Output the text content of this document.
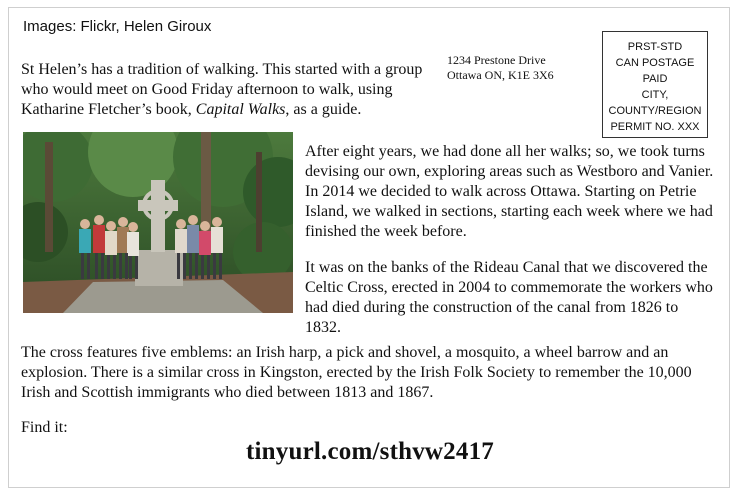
Images: Flickr, Helen Giroux

St Helen’s has a tradition of walking. This started with a group who would meet on Good Friday afternoon to walk, using Katharine Fletcher’s book, Capital Walks, as a guide.

1234 Prestone Drive
Ottawa ON, K1E 3X6
PRST-STD
CAN POSTAGE
PAID
CITY,
COUNTY/REGION
PERMIT NO. XXX

After eight years, we had done all her walks; so, we took turns devising our own, exploring areas such as Westboro and Vanier. In 2014 we decided to walk across Ottawa. Starting on Petrie Island, we walked in sections, starting each week where we had finished the week before.

It was on the banks of the Rideau Canal that we discovered the Celtic Cross, erected in 2004 to commemorate the workers who had died during the construction of the canal from 1826 to 1832.

The cross features five emblems: an Irish harp, a pick and shovel, a mosquito, a wheel barrow and an explosion. There is a similar cross in Kingston, erected by the Irish Folk Society to remember the 10,000 Irish and Scottish immigrants who died between 1813 and 1867.

Find it:
tinyurl.com/sthvw2417
